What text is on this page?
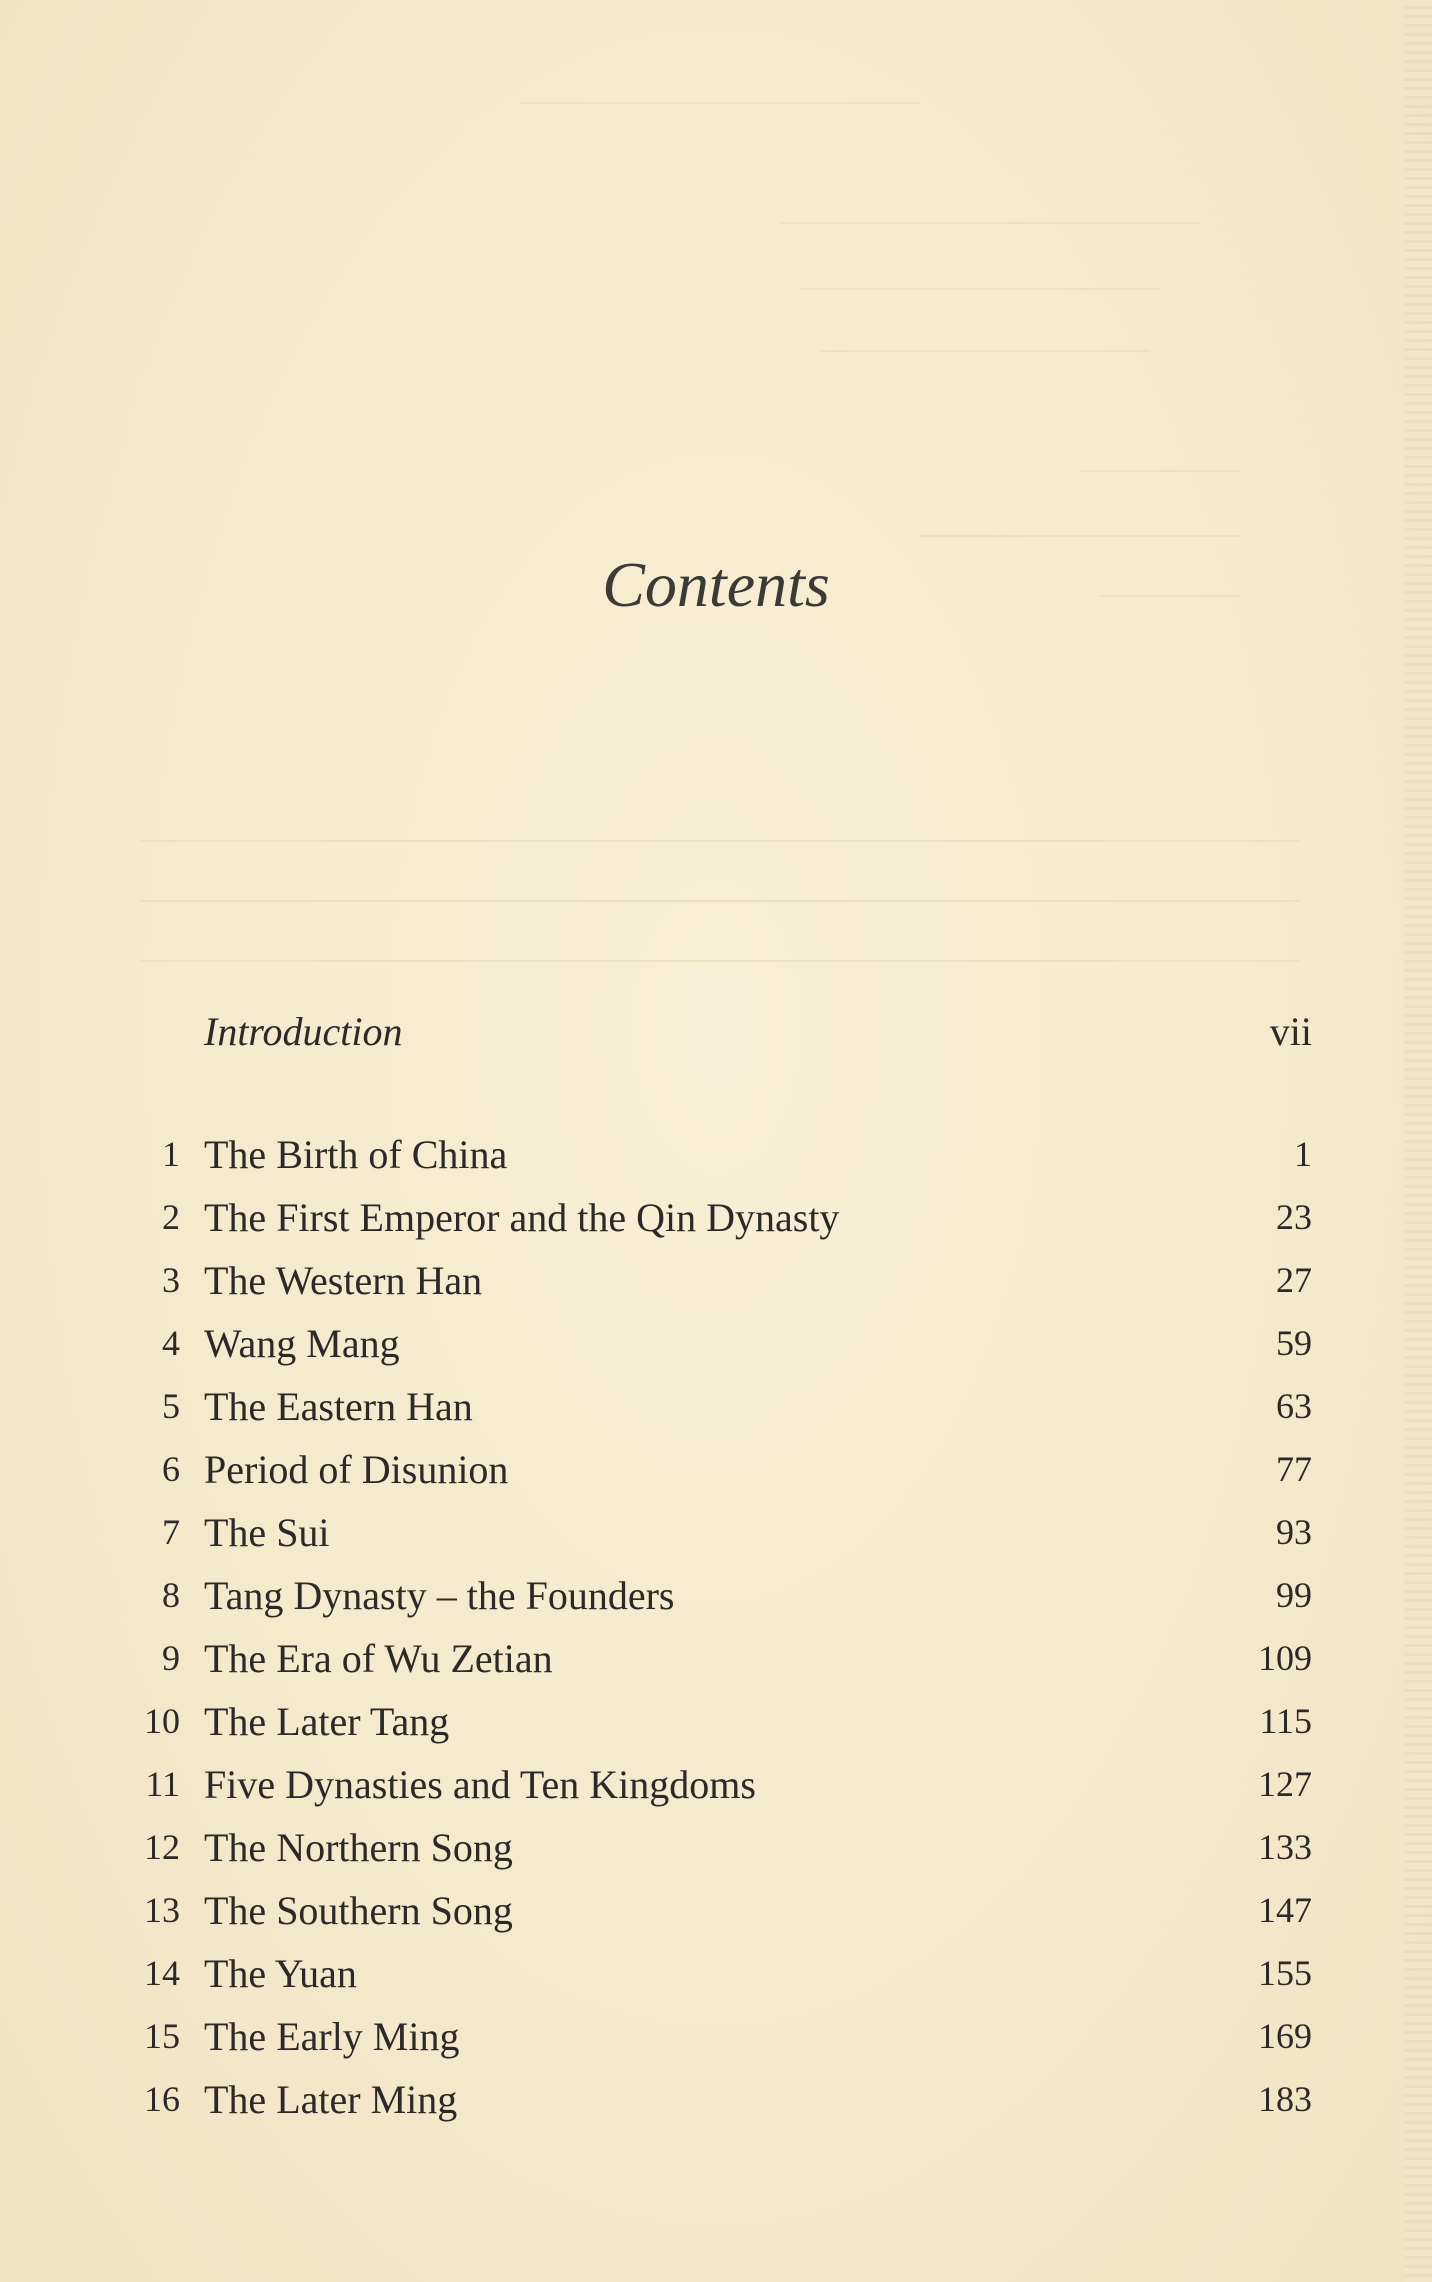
Contents
Introduction	vii
1 The Birth of China	1
2 The First Emperor and the Qin Dynasty	23
3 The Western Han	27
4 Wang Mang	59
5 The Eastern Han	63
6 Period of Disunion	77
7 The Sui	93
8 Tang Dynasty – the Founders	99
9 The Era of Wu Zetian	109
10 The Later Tang	115
11 Five Dynasties and Ten Kingdoms	127
12 The Northern Song	133
13 The Southern Song	147
14 The Yuan	155
15 The Early Ming	169
16 The Later Ming	183
